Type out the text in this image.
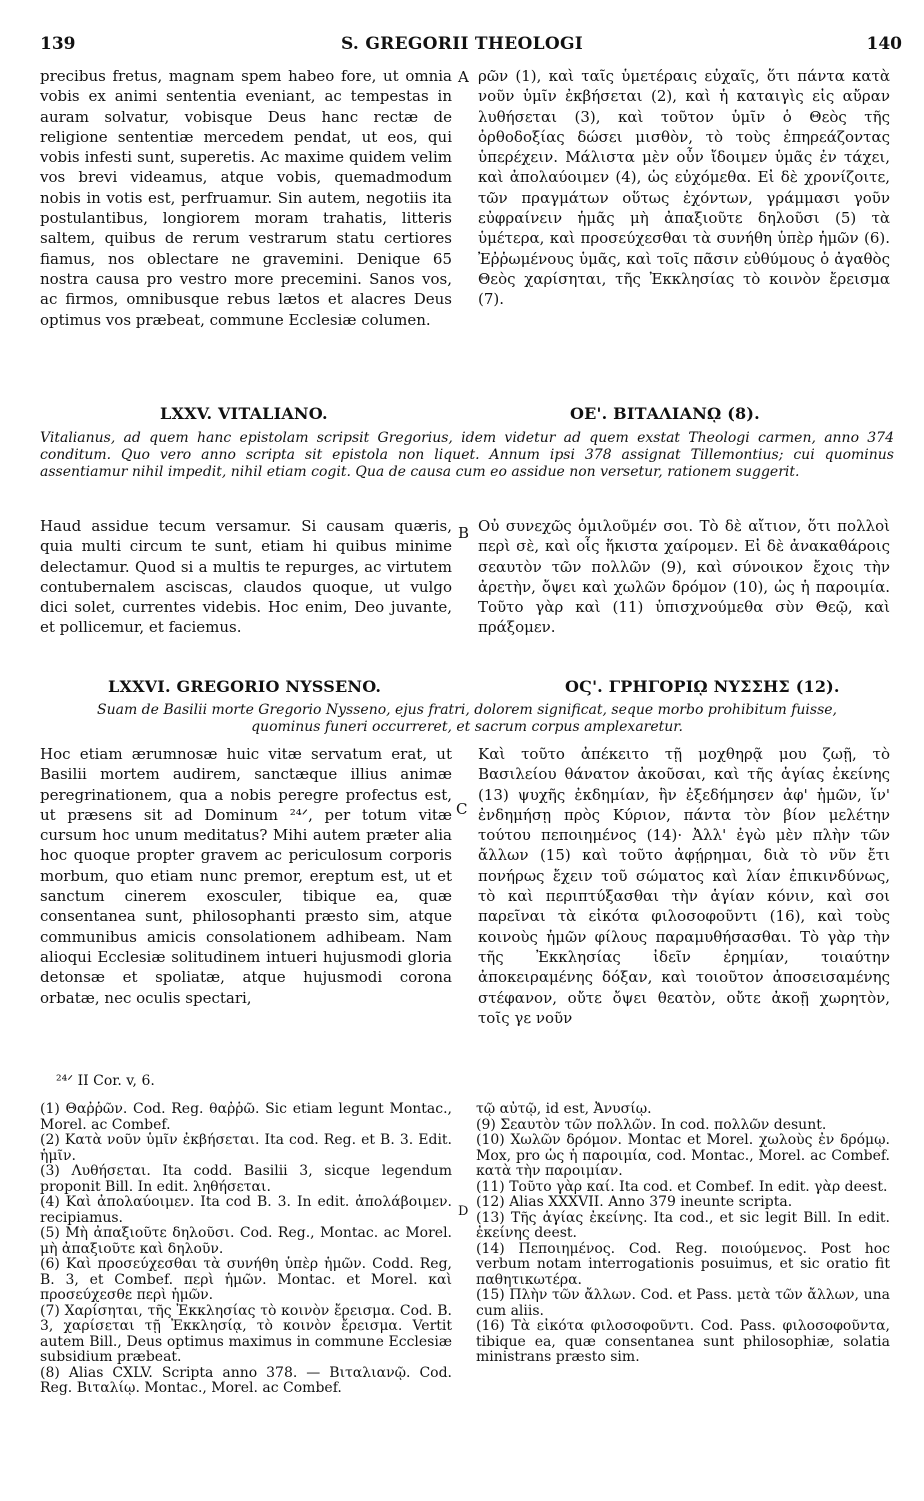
139	S. GREGORII THEOLOGI	140

precibus fretus, magnam spem habeo fore, ut omnia vobis ex animi sententia eveniant, ac tempestas in auram solvatur, vobisque Deus hanc rectæ de religione sententiæ mercedem pendat, ut eos, qui vobis infesti sunt, superetis. Ac maxime quidem velim vos brevi videamus, atque vobis, quemadmodum nobis in votis est, perfruamur. Sin autem, negotiis ita postulantibus, longiorem moram trahatis, litteris saltem, quibus de rerum vestrarum statu certiores fiamus, nos oblectare ne gravemini. Denique 65 nostra causa pro vestro more precemini. Sanos vos, ac firmos, omnibusque rebus lætos et alacres Deus optimus vos præbeat, commune Ecclesiæ columen.

A ρῶν (1), καὶ ταῖς ὑμετέραις εὐχαῖς, ὅτι πάντα κατὰ νοῦν ὑμῖν ἐκβήσεται (2), καὶ ἡ καταιγὶς εἰς αὔραν λυθήσεται (3), καὶ τοῦτον ὑμῖν ὁ Θεὸς τῆς ὀρθοδοξίας δώσει μισθὸν, τὸ τοὺς ἐπηρεάζοντας ὑπερέχειν. Μάλιστα μὲν οὖν ἴδοιμεν ὑμᾶς ἐν τάχει, καὶ ἀπολαύοιμεν (4), ὡς εὐχόμεθα. Εἰ δὲ χρονίζοιτε, τῶν πραγμάτων οὕτως ἐχόντων, γράμμασι γοῦν εὐφραίνειν ἡμᾶς μὴ ἀπαξιοῦτε δηλοῦσι (5) τὰ ὑμέτερα, καὶ προσεύχεσθαι τὰ συνήθη ὑπὲρ ἡμῶν (6). Ἐῤῥωμένους ὑμᾶς, καὶ τοῖς πᾶσιν εὐθύμους ὁ ἀγαθὸς Θεὸς χαρίσηται, τῆς Ἐκκλησίας τὸ κοινὸν ἔρεισμα (7).

LXXV. VITALIANO.	ΟΕ'. ΒΙΤΑΛΙΑΝῼ (8).
Vitalianus, ad quem hanc epistolam scripsit Gregorius, idem videtur ad quem exstat Theologi carmen, anno 374 conditum. Quo vero anno scripta sit epistola non liquet. Annum ipsi 378 assignat Tillemontius; cui quominus assentiamur nihil impedit, nihil etiam cogit. Qua de causa cum eo assidue non versetur, rationem suggerit.

Haud assidue tecum versamur. Si causam quæris, quia multi circum te sunt, etiam hi quibus minime delectamur. Quod si a multis te repurges, ac virtutem contubernalem asciscas, claudos quoque, ut vulgo dici solet, currentes videbis. Hoc enim, Deo juvante, et pollicemur, et faciemus.

B Οὐ συνεχῶς ὁμιλοῦμέν σοι. Τὸ δὲ αἴτιον, ὅτι πολλοὶ περὶ σὲ, καὶ οἷς ἥκιστα χαίρομεν. Εἰ δὲ ἀνακαθάροις σεαυτὸν τῶν πολλῶν (9), καὶ σύνοικον ἔχοις τὴν ἀρετὴν, ὄψει καὶ χωλῶν δρόμον (10), ὡς ἡ παροιμία. Τοῦτο γὰρ καὶ (11) ὑπισχνούμεθα σὺν Θεῷ, καὶ πράξομεν.

LXXVI. GREGORIO NYSSENO.	ΟϚ'. ΓΡΗΓΟΡΙῼ ΝΥΣΣΗΣ (12).
Suam de Basilii morte Gregorio Nysseno, ejus fratri, dolorem significat, seque morbo prohibitum fuisse,
quominus funeri occurreret, et sacrum corpus amplexaretur.

Hoc etiam ærumnosæ huic vitæ servatum erat, ut Basilii mortem audirem, sanctæque illius animæ peregrinationem, qua a nobis peregre profectus est, ut præsens sit ad Dominum ²⁴ᐟ, per totum vitæ cursum hoc unum meditatus? Mihi autem præter alia hoc quoque propter gravem ac periculosum corporis morbum, quo etiam nunc premor, ereptum est, ut et sanctum cinerem exosculer, tibique ea, quæ consentanea sunt, philosophanti præsto sim, atque communibus amicis consolationem adhibeam. Nam alioqui Ecclesiæ solitudinem intueri hujusmodi gloria detonsæ et spoliatæ, atque hujusmodi corona orbatæ, nec oculis spectari,

C

Καὶ τοῦτο ἀπέκειτο τῇ μοχθηρᾷ μου ζωῇ, τὸ Βασιλείου θάνατον ἀκοῦσαι, καὶ τῆς ἁγίας ἐκείνης (13) ψυχῆς ἐκδημίαν, ἣν ἐξεδήμησεν ἀφ' ἡμῶν, ἵν' ἐνδημήσῃ πρὸς Κύριον, πάντα τὸν βίον μελέτην τούτου πεποιημένος (14)· Ἀλλ' ἐγὼ μὲν πλὴν τῶν ἄλλων (15) καὶ τοῦτο ἀφῄρημαι, διὰ τὸ νῦν ἔτι πονήρως ἔχειν τοῦ σώματος καὶ λίαν ἐπικινδύνως, τὸ καὶ περιπτύξασθαι τὴν ἁγίαν κόνιν, καὶ σοι παρεῖναι τὰ εἰκότα φιλοσοφοῦντι (16), καὶ τοὺς κοινοὺς ἡμῶν φίλους παραμυθήσασθαι. Τὸ γὰρ τὴν τῆς Ἐκκλησίας ἰδεῖν ἐρημίαν, τοιαύτην ἀποκειραμένης δόξαν, καὶ τοιοῦτον ἀποσεισαμένης στέφανον, οὔτε ὄψει θεατὸν, οὔτε ἀκοῇ χωρητὸν, τοῖς γε νοῦν

²⁴ᐟ II Cor. v, 6.

(1) Θαῤῥῶν. Cod. Reg. θαῤῥῶ. Sic etiam legunt Montac., Morel. ac Combef.

(2) Κατὰ νοῦν ὑμῖν ἐκβήσεται. Ita cod. Reg. et B. 3. Edit. ἡμῖν.

(3) Λυθήσεται. Ita codd. Basilii 3, sicque legendum proponit Bill. In edit. ληθήσεται.

(4) Καὶ ἀπολαύοιμεν. Ita cod B. 3. In edit. ἀπολάβοιμεν. recipiamus.

(5) Μὴ ἀπαξιοῦτε δηλοῦσι. Cod. Reg., Montac. ac Morel. μὴ ἀπαξιοῦτε καὶ δηλοῦν.

(6) Καὶ προσεύχεσθαι τὰ συνήθη ὑπὲρ ἡμῶν. Codd. Reg, B. 3, et Combef. περὶ ἡμῶν. Montac. et Morel. καὶ προσεύχεσθε περὶ ἡμῶν.

(7) Χαρίσηται, τῆς Ἐκκλησίας τὸ κοινὸν ἔρεισμα. Cod. B. 3, χαρίσεται τῇ Ἐκκλησίᾳ, τὸ κοινὸν ἔρεισμα. Vertit autem Bill., Deus optimus maximus in commune Ecclesiæ subsidium præbeat.

(8) Alias CXLV. Scripta anno 378. — Βιταλιανῷ. Cod. Reg. Βιταλίῳ. Montac., Morel. ac Combef.

D

τῷ αὐτῷ, id est, Ἀνυσίῳ.

(9) Σεαυτὸν τῶν πολλῶν. In cod. πολλῶν desunt.

(10) Χωλῶν δρόμον. Montac et Morel. χωλοὺς ἐν δρόμῳ. Mox, pro ὡς ἡ παροιμία, cod. Montac., Morel. ac Combef. κατὰ τὴν παροιμίαν.

(11) Τοῦτο γὰρ καί. Ita cod. et Combef. In edit. γὰρ deest.

(12) Alias XXXVII. Anno 379 ineunte scripta.

(13) Τῆς ἁγίας ἐκείνης. Ita cod., et sic legit Bill. In edit. ἐκείνης deest.

(14) Πεποιημένος. Cod. Reg. ποιούμενος. Post hoc verbum notam interrogationis posuimus, et sic oratio fit παθητικωτέρα.

(15) Πλὴν τῶν ἄλλων. Cod. et Pass. μετὰ τῶν ἄλλων, una cum aliis.

(16) Τὰ εἰκότα φιλοσοφοῦντι. Cod. Pass. φιλοσοφοῦντα, tibique ea, quæ consentanea sunt philosophiæ, solatia ministrans præsto sim.
